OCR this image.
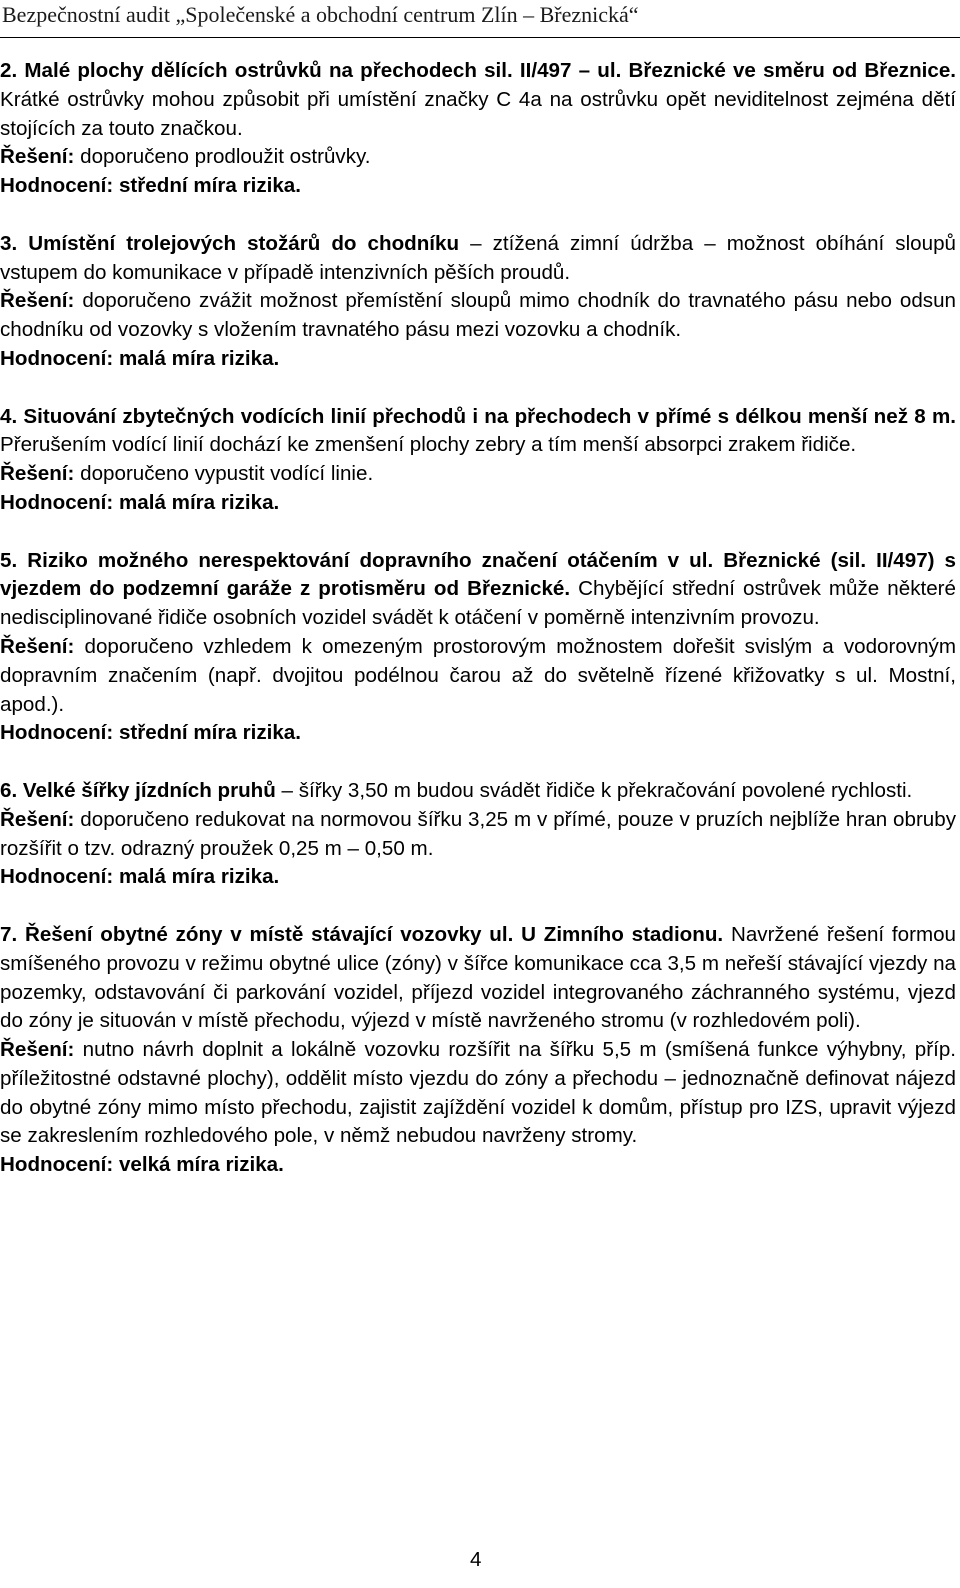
Bezpečnostní audit „Společenské a obchodní centrum Zlín – Březnická“

2. Malé plochy dělících ostrůvků na přechodech sil. II/497 – ul. Březnické ve směru od Březnice. Krátké ostrůvky mohou způsobit při umístění značky C 4a na ostrůvku opět neviditelnost zejména dětí stojících za touto značkou.

Řešení: doporučeno prodloužit ostrůvky.

Hodnocení: střední míra rizika.

3. Umístění trolejových stožárů do chodníku – ztížená zimní údržba – možnost obíhání sloupů vstupem do komunikace v případě intenzivních pěších proudů.

Řešení: doporučeno zvážit možnost přemístění sloupů mimo chodník do travnatého pásu nebo odsun chodníku od vozovky s vložením travnatého pásu mezi vozovku a chodník.

Hodnocení: malá míra rizika.

4. Situování zbytečných vodících linií přechodů i na přechodech v přímé s délkou menší než 8 m. Přerušením vodící linií dochází ke zmenšení plochy zebry a tím menší absorpci zrakem řidiče.

Řešení: doporučeno vypustit vodící linie.

Hodnocení: malá míra rizika.

5. Riziko možného nerespektování dopravního značení otáčením v ul. Březnické (sil. II/497) s vjezdem do podzemní garáže z protisměru od Březnické. Chybějící střední ostrůvek může některé nedisciplinované řidiče osobních vozidel svádět k otáčení v poměrně intenzivním provozu.

Řešení: doporučeno vzhledem k omezeným prostorovým možnostem dořešit svislým a vodorovným dopravním značením (např. dvojitou podélnou čarou až do světelně řízené křižovatky s ul. Mostní, apod.).

Hodnocení: střední míra rizika.

6. Velké šířky jízdních pruhů – šířky 3,50 m budou svádět řidiče k překračování povolené rychlosti.

Řešení: doporučeno redukovat na normovou šířku 3,25 m v přímé, pouze v pruzích nejblíže hran obruby rozšířit o tzv. odrazný proužek 0,25 m – 0,50 m.

Hodnocení: malá míra rizika.

7. Řešení obytné zóny v místě stávající vozovky ul. U Zimního stadionu. Navržené řešení formou smíšeného provozu v režimu obytné ulice (zóny) v šířce komunikace cca 3,5 m neřeší stávající vjezdy na pozemky, odstavování či parkování vozidel, příjezd vozidel integrovaného záchranného systému, vjezd do zóny je situován v místě přechodu, výjezd v místě navrženého stromu (v rozhledovém poli).

Řešení: nutno návrh doplnit a lokálně vozovku rozšířit na šířku 5,5 m (smíšená funkce výhybny, příp. příležitostné odstavné plochy), oddělit místo vjezdu do zóny a přechodu – jednoznačně definovat nájezd do obytné zóny mimo místo přechodu, zajistit zajíždění vozidel k domům, přístup pro IZS, upravit výjezd se zakreslením rozhledového pole, v němž nebudou navrženy stromy.

Hodnocení: velká míra rizika.

4
